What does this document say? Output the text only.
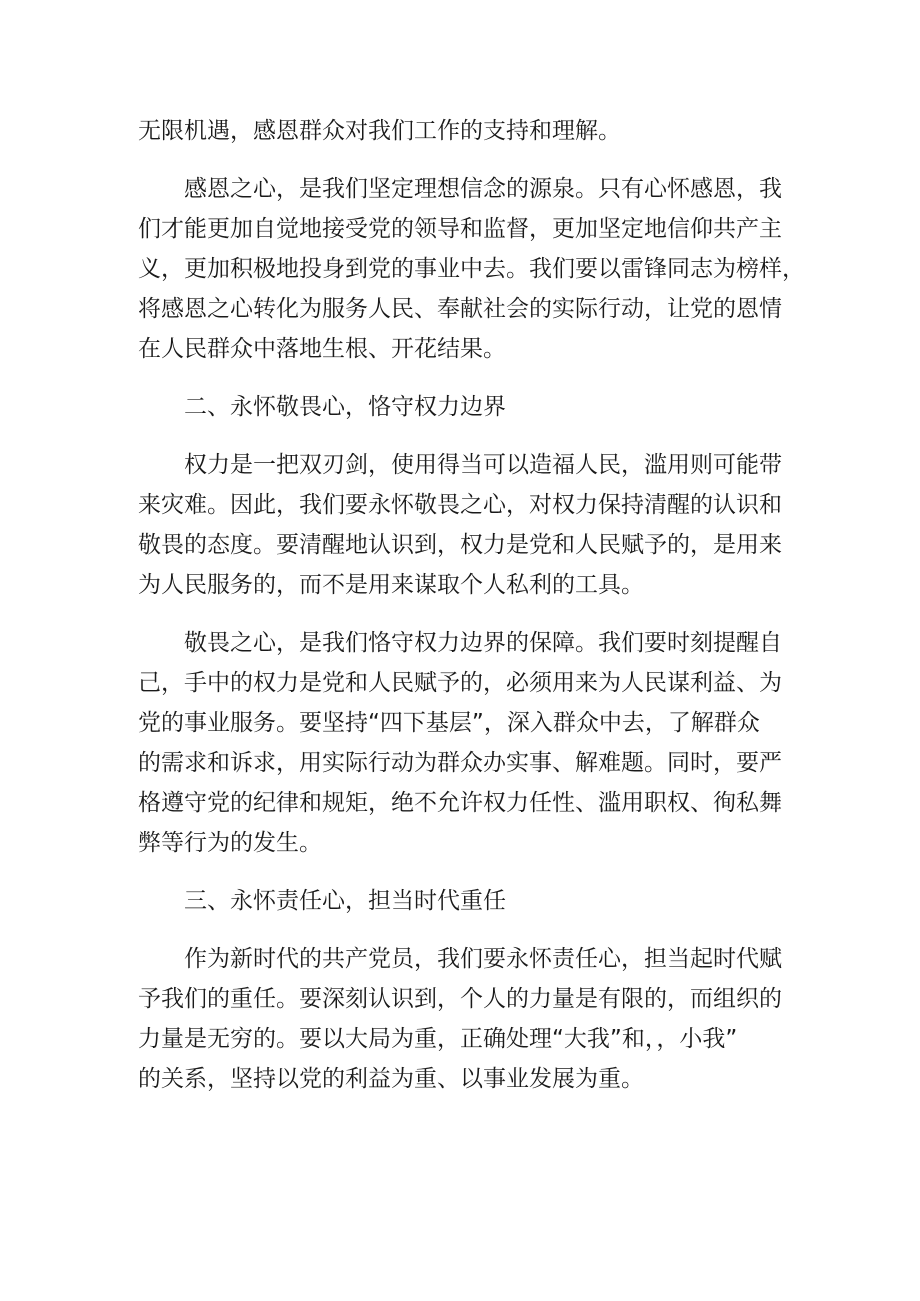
无限机遇，感恩群众对我们工作的支持和理解。

感恩之心，是我们坚定理想信念的源泉。只有心怀感恩，我
们才能更加自觉地接受党的领导和监督，更加坚定地信仰共产主
义，更加积极地投身到党的事业中去。我们要以雷锋同志为榜样，
将感恩之心转化为服务人民、奉献社会的实际行动，让党的恩情
在人民群众中落地生根、开花结果。

二、永怀敬畏心，恪守权力边界

权力是一把双刃剑，使用得当可以造福人民，滥用则可能带
来灾难。因此，我们要永怀敬畏之心，对权力保持清醒的认识和
敬畏的态度。要清醒地认识到，权力是党和人民赋予的，是用来
为人民服务的，而不是用来谋取个人私利的工具。

敬畏之心，是我们恪守权力边界的保障。我们要时刻提醒自
己，手中的权力是党和人民赋予的，必须用来为人民谋利益、为
党的事业服务。要坚持“四下基层”，深入群众中去，了解群众
的需求和诉求，用实际行动为群众办实事、解难题。同时，要严
格遵守党的纪律和规矩，绝不允许权力任性、滥用职权、徇私舞
弊等行为的发生。

三、永怀责任心，担当时代重任

作为新时代的共产党员，我们要永怀责任心，担当起时代赋
予我们的重任。要深刻认识到，个人的力量是有限的，而组织的
力量是无穷的。要以大局为重，正确处理“大我”和，，小我”
的关系，坚持以党的利益为重、以事业发展为重。
